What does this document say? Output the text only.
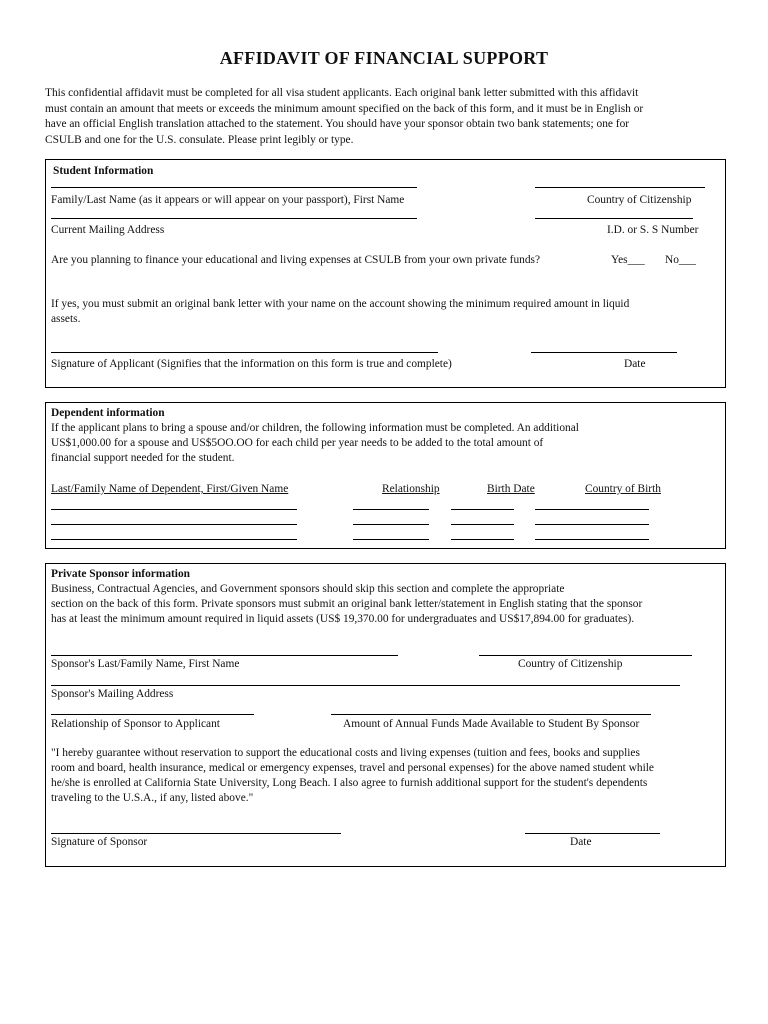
AFFIDAVIT OF FINANCIAL SUPPORT
This confidential affidavit must be completed for all visa student applicants. Each original bank letter submitted with this affidavit
must contain an amount that meets or exceeds the minimum amount specified on the back of this form, and it must be in English or
have an official English translation attached to the statement. You should have your sponsor obtain two bank statements; one for
CSULB and one for the U.S. consulate. Please print legibly or type.
Student Information
Family/Last Name (as it appears or will appear on your passport), First Name	Country of Citizenship
Current Mailing Address	I.D. or S. S Number
Are you planning to finance your educational and living expenses at CSULB from your own private funds?	Yes___ No___
If yes, you must submit an original bank letter with your name on the account showing the minimum required amount in liquid
assets.
Signature of Applicant (Signifies that the information on this form is true and complete)	Date
Dependent information
If the applicant plans to bring a spouse and/or children, the following information must be completed. An additional
US$1,000.00 for a spouse and US$5OO.OO for each child per year needs to be added to the total amount of
financial support needed for the student.
Last/Family Name of Dependent, First/Given Name	Relationship	Birth Date	Country of Birth
Private Sponsor information
Business, Contractual Agencies, and Government sponsors should skip this section and complete the appropriate
section on the back of this form. Private sponsors must submit an original bank letter/statement in English stating that the sponsor
has at least the minimum amount required in liquid assets (US$ 19,370.00 for undergraduates and US$17,894.00 for graduates).
Sponsor's Last/Family Name, First Name	Country of Citizenship
Sponsor's Mailing Address
Relationship of Sponsor to Applicant	Amount of Annual Funds Made Available to Student By Sponsor
"I hereby guarantee without reservation to support the educational costs and living expenses (tuition and fees, books and supplies
room and board, health insurance, medical or emergency expenses, travel and personal expenses) for the above named student while
he/she is enrolled at California State University, Long Beach. I also agree to furnish additional support for the student's dependents
traveling to the U.S.A., if any, listed above."
Signature of Sponsor	Date
